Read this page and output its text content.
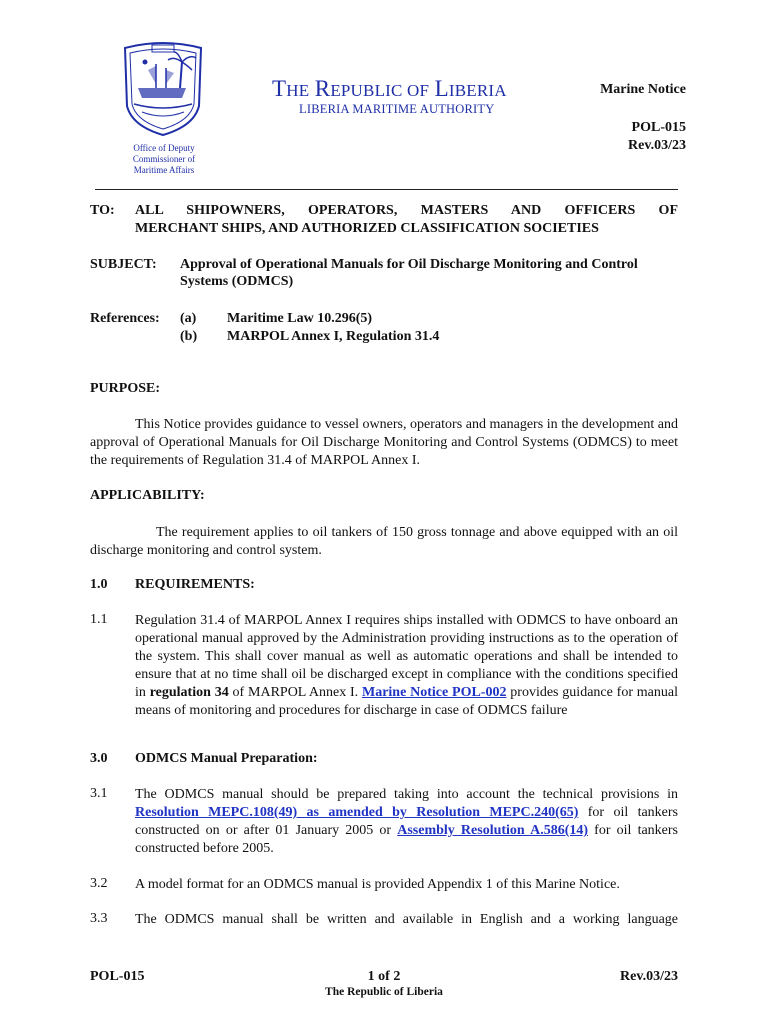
Office of Deputy Commissioner of Maritime Affairs
THE REPUBLIC OF LIBERIA
LIBERIA MARITIME AUTHORITY
Marine Notice
POL-015
Rev.03/23
TO: ALL SHIPOWNERS, OPERATORS, MASTERS AND OFFICERS OF
MERCHANT SHIPS, AND AUTHORIZED CLASSIFICATION SOCIETIES
SUBJECT: Approval of Operational Manuals for Oil Discharge Monitoring and Control Systems (ODMCS)
References: (a) Maritime Law 10.296(5)
(b) MARPOL Annex I, Regulation 31.4
PURPOSE:
This Notice provides guidance to vessel owners, operators and managers in the development and approval of Operational Manuals for Oil Discharge Monitoring and Control Systems (ODMCS) to meet the requirements of Regulation 31.4 of MARPOL Annex I.
APPLICABILITY:
The requirement applies to oil tankers of 150 gross tonnage and above equipped with an oil discharge monitoring and control system.
1.0 REQUIREMENTS:
1.1 Regulation 31.4 of MARPOL Annex I requires ships installed with ODMCS to have onboard an operational manual approved by the Administration providing instructions as to the operation of the system. This shall cover manual as well as automatic operations and shall be intended to ensure that at no time shall oil be discharged except in compliance with the conditions specified in regulation 34 of MARPOL Annex I. Marine Notice POL-002 provides guidance for manual means of monitoring and procedures for discharge in case of ODMCS failure
3.0 ODMCS Manual Preparation:
3.1 The ODMCS manual should be prepared taking into account the technical provisions in Resolution MEPC.108(49) as amended by Resolution MEPC.240(65) for oil tankers constructed on or after 01 January 2005 or Assembly Resolution A.586(14) for oil tankers constructed before 2005.
3.2 A model format for an ODMCS manual is provided Appendix 1 of this Marine Notice.
3.3 The ODMCS manual shall be written and available in English and a working language
POL-015	1 of 2	Rev.03/23
The Republic of Liberia
